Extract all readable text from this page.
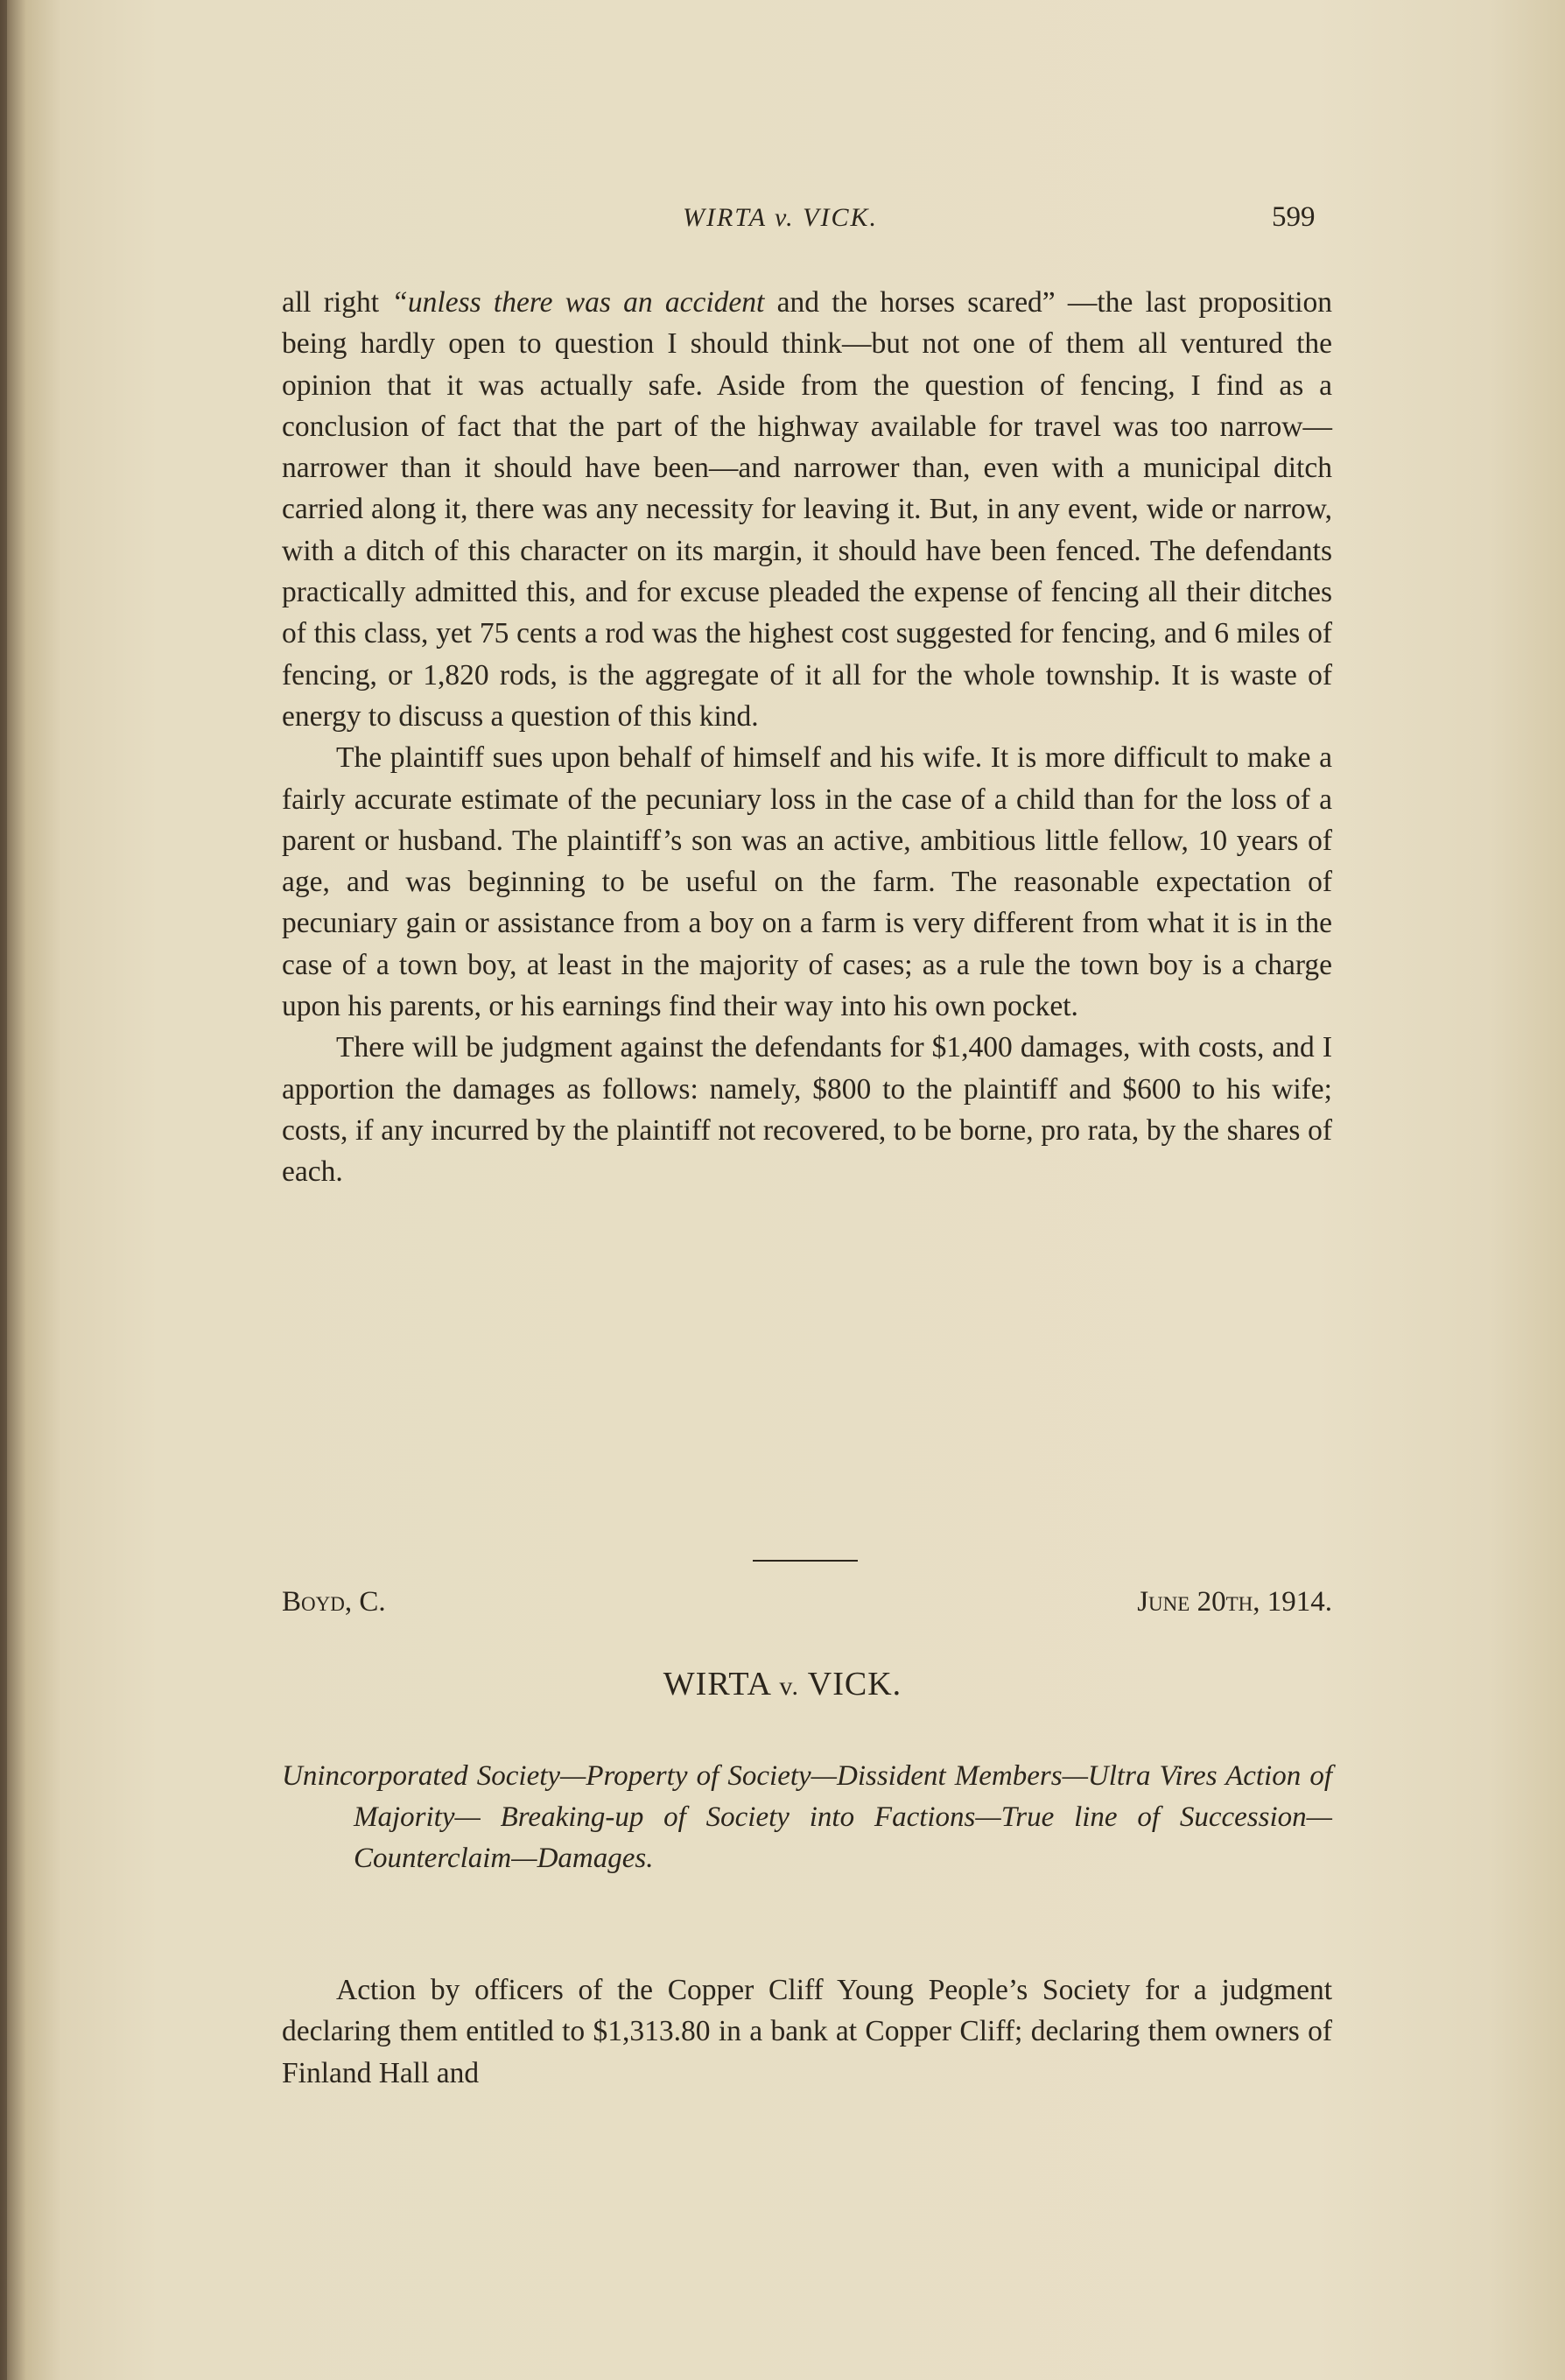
WIRTA v. VICK.	599

all right “unless there was an accident and the horses scared” —the last proposition being hardly open to question I should think—but not one of them all ventured the opinion that it was actually safe. Aside from the question of fencing, I find as a conclusion of fact that the part of the highway available for travel was too narrow—narrower than it should have been—and narrower than, even with a municipal ditch carried along it, there was any necessity for leaving it. But, in any event, wide or narrow, with a ditch of this character on its margin, it should have been fenced. The defendants practically admitted this, and for excuse pleaded the expense of fencing all their ditches of this class, yet 75 cents a rod was the highest cost suggested for fencing, and 6 miles of fencing, or 1,820 rods, is the aggregate of it all for the whole township. It is waste of energy to discuss a question of this kind.

The plaintiff sues upon behalf of himself and his wife. It is more difficult to make a fairly accurate estimate of the pecuniary loss in the case of a child than for the loss of a parent or husband. The plaintiff’s son was an active, ambitious little fellow, 10 years of age, and was beginning to be useful on the farm. The reasonable expectation of pecuniary gain or assistance from a boy on a farm is very different from what it is in the case of a town boy, at least in the majority of cases; as a rule the town boy is a charge upon his parents, or his earnings find their way into his own pocket.

There will be judgment against the defendants for $1,400 damages, with costs, and I apportion the damages as follows: namely, $800 to the plaintiff and $600 to his wife; costs, if any incurred by the plaintiff not recovered, to be borne, pro rata, by the shares of each.

Boyd, C.	June 20th, 1914.
WIRTA v. VICK.
Unincorporated Society—Property of Society—Dissident Members—Ultra Vires Action of Majority— Breaking-up of Society into Factions—True line of Succession—Counterclaim—Damages.

Action by officers of the Copper Cliff Young People’s Society for a judgment declaring them entitled to $1,313.80 in a bank at Copper Cliff; declaring them owners of Finland Hall and
